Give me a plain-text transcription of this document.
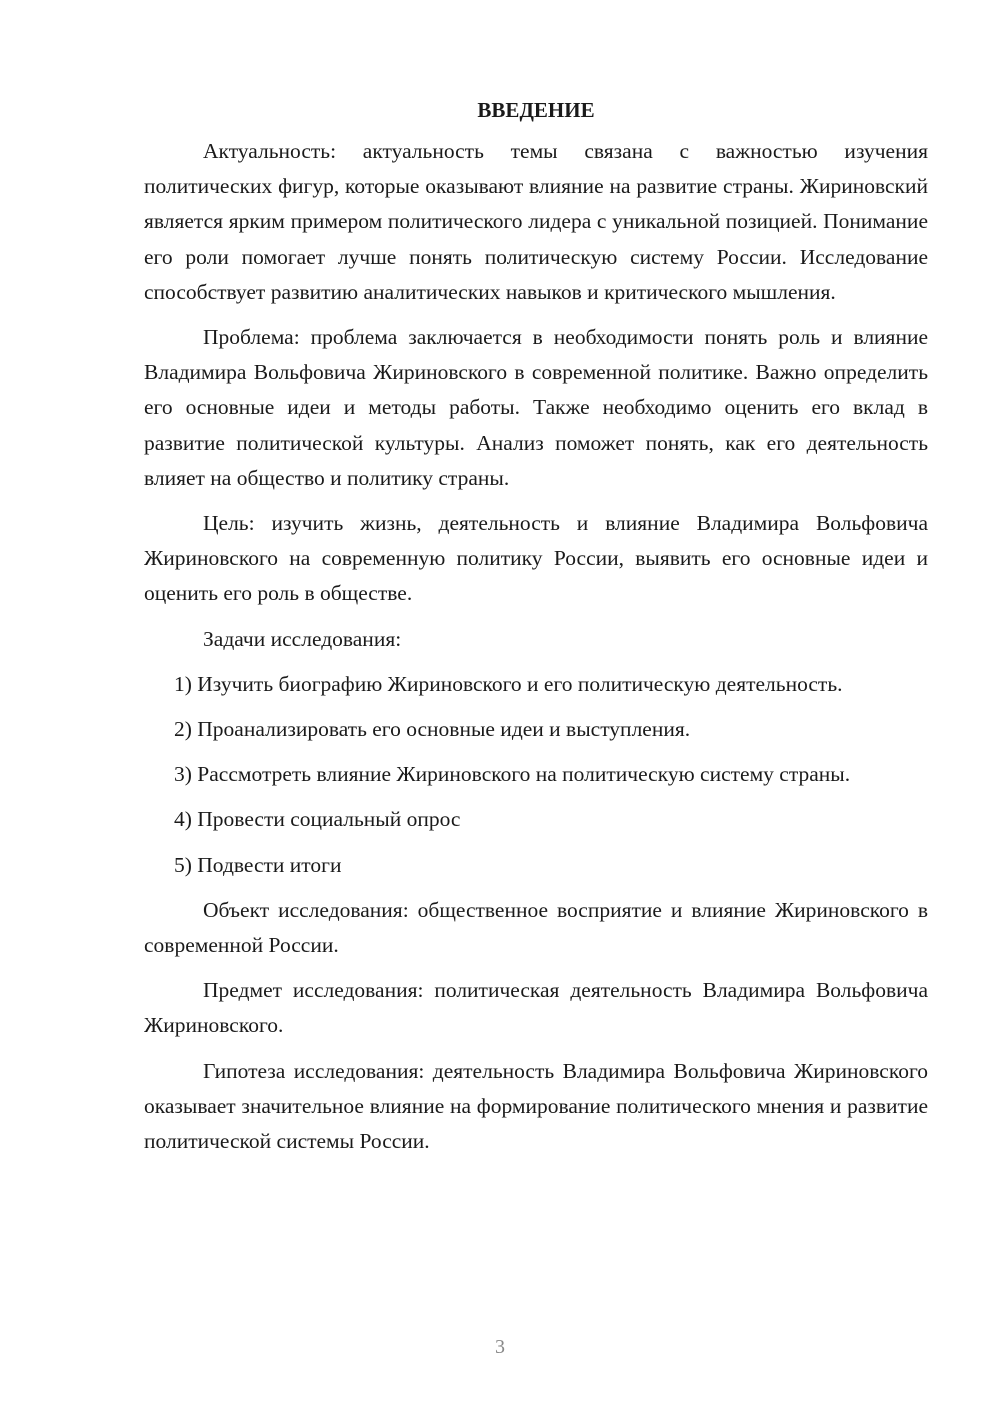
ВВЕДЕНИЕ

Актуальность: актуальность темы связана с важностью изучения политических фигур, которые оказывают влияние на развитие страны. Жириновский является ярким примером политического лидера с уникальной позицией. Понимание его роли помогает лучше понять политическую систему России. Исследование способствует развитию аналитических навыков и критического мышления.

Проблема: проблема заключается в необходимости понять роль и влияние Владимира Вольфовича Жириновского в современной политике. Важно определить его основные идеи и методы работы. Также необходимо оценить его вклад в развитие политической культуры. Анализ поможет понять, как его деятельность влияет на общество и политику страны.

Цель: изучить жизнь, деятельность и влияние Владимира Вольфовича Жириновского на современную политику России, выявить его основные идеи и оценить его роль в обществе.

Задачи исследования:

1) Изучить биографию Жириновского и его политическую деятельность.

2) Проанализировать его основные идеи и выступления.

3) Рассмотреть влияние Жириновского на политическую систему страны.

4) Провести социальный опрос

5) Подвести итоги

Объект исследования: общественное восприятие и влияние Жириновского в современной России.

Предмет исследования: политическая деятельность Владимира Вольфовича Жириновского.

Гипотеза исследования: деятельность Владимира Вольфовича Жириновского оказывает значительное влияние на формирование политического мнения и развитие политической системы России.

3
